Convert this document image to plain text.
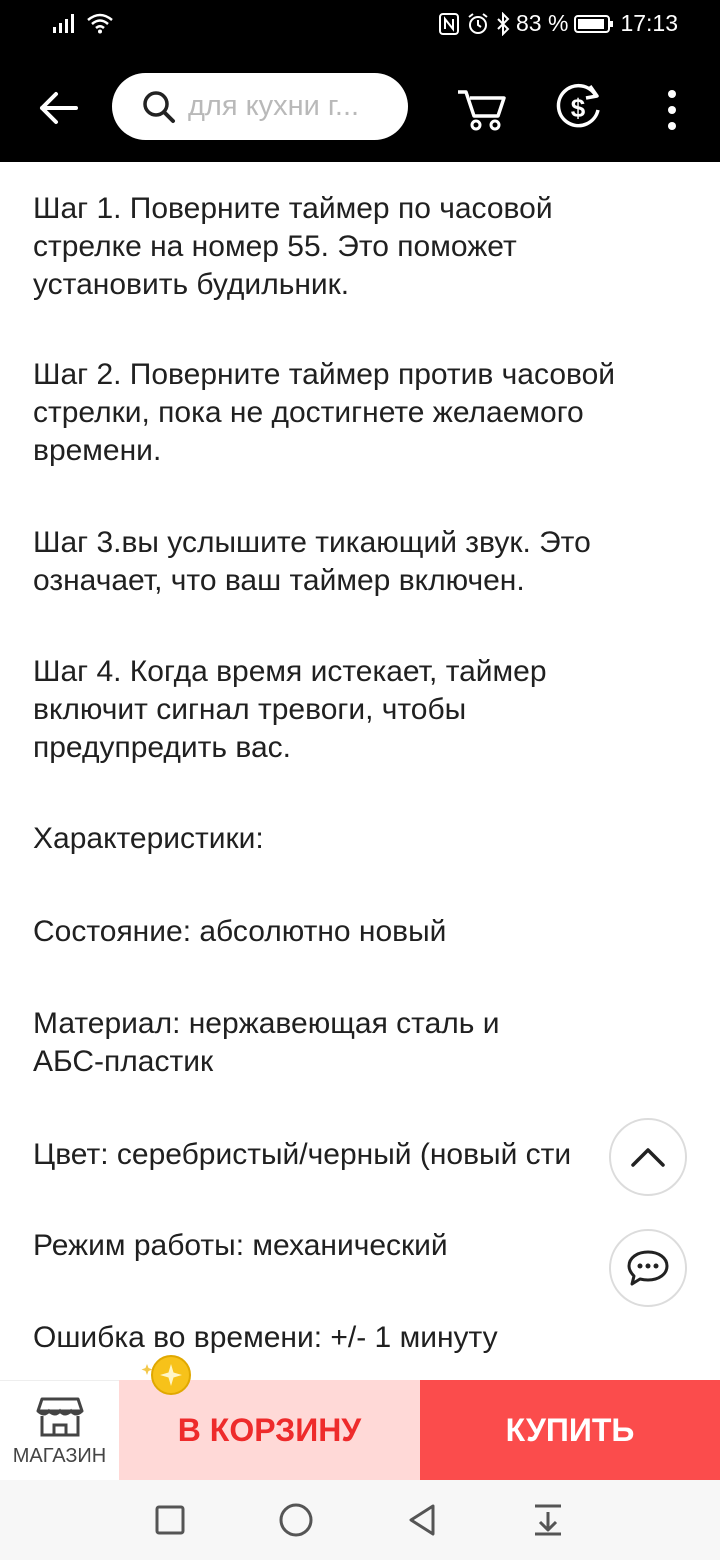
83 % 17:13
для кухни г...	$
Шаг 1. Поверните таймер по часовой
стрелке на номер 55. Это поможет
установить будильник.
Шаг 2. Поверните таймер против часовой
стрелки, пока не достигнете желаемого
времени.
Шаг 3.вы услышите тикающий звук. Это
означает, что ваш таймер включен.
Шаг 4. Когда время истекает, таймер
включит сигнал тревоги, чтобы
предупредить вас.
Характеристики:
Состояние: абсолютно новый
Материал: нержавеющая сталь и
АБС-пластик
Цвет: серебристый/черный (новый сти
Режим работы: механический
Ошибка во времени: +/- 1 минуту
МАГАЗИН
В КОРЗИНУ	КУПИТЬ
